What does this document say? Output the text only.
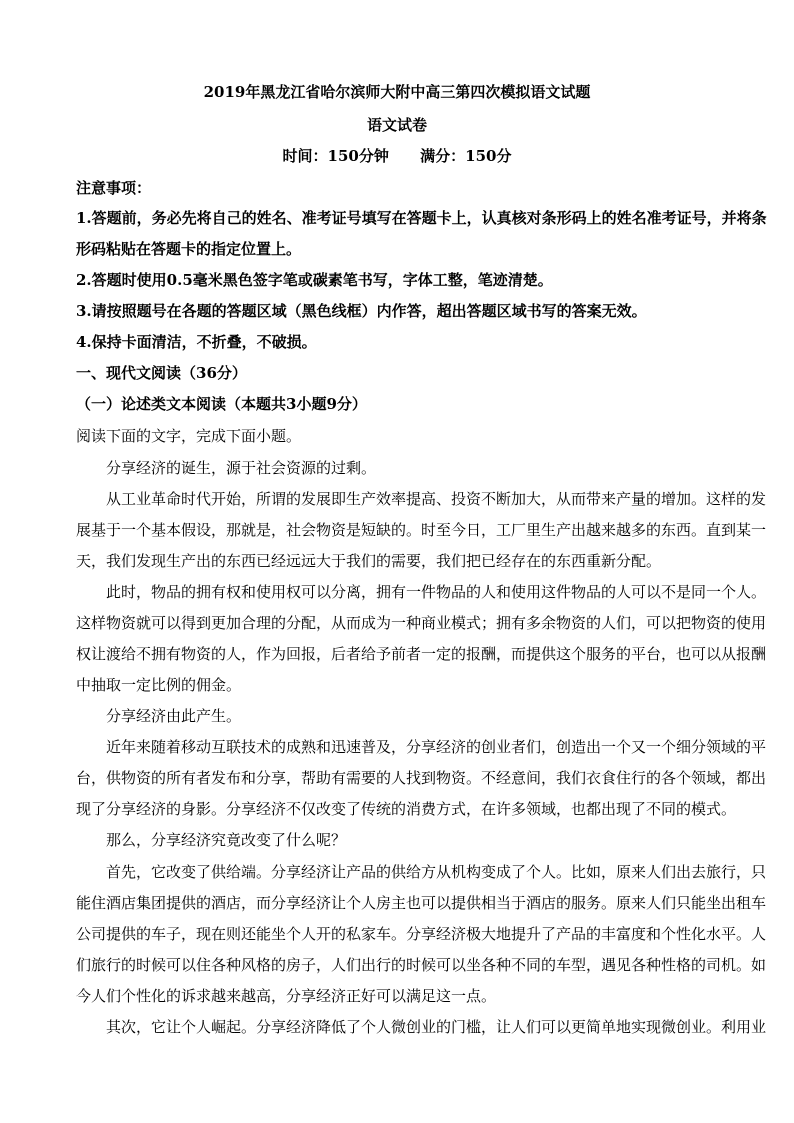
2019年黑龙江省哈尔滨师大附中高三第四次模拟语文试题
语文试卷
时间：150分钟      满分：150分
注意事项：
1.答题前，务必先将自己的姓名、准考证号填写在答题卡上，认真核对条形码上的姓名准考证号，并将条
形码粘贴在答题卡的指定位置上。
2.答题时使用0.5毫米黑色签字笔或碳素笔书写，字体工整，笔迹清楚。
3.请按照题号在各题的答题区域（黑色线框）内作答，超出答题区域书写的答案无效。
4.保持卡面清洁，不折叠，不破损。
一、现代文阅读（36分）
（一）论述类文本阅读（本题共3小题9分）
阅读下面的文字，完成下面小题。
分享经济的诞生，源于社会资源的过剩。
从工业革命时代开始，所谓的发展即生产效率提高、投资不断加大，从而带来产量的增加。这样的发
展基于一个基本假设，那就是，社会物资是短缺的。时至今日，工厂里生产出越来越多的东西。直到某一
天，我们发现生产出的东西已经远远大于我们的需要，我们把已经存在的东西重新分配。
此时，物品的拥有权和使用权可以分离，拥有一件物品的人和使用这件物品的人可以不是同一个人。
这样物资就可以得到更加合理的分配，从而成为一种商业模式；拥有多余物资的人们，可以把物资的使用
权让渡给不拥有物资的人，作为回报，后者给予前者一定的报酬，而提供这个服务的平台，也可以从报酬
中抽取一定比例的佣金。
分享经济由此产生。
近年来随着移动互联技术的成熟和迅速普及，分享经济的创业者们，创造出一个又一个细分领域的平
台，供物资的所有者发布和分享，帮助有需要的人找到物资。不经意间，我们衣食住行的各个领域，都出
现了分享经济的身影。分享经济不仅改变了传统的消费方式，在许多领域，也都出现了不同的模式。
那么，分享经济究竟改变了什么呢？
首先，它改变了供给端。分享经济让产品的供给方从机构变成了个人。比如，原来人们出去旅行，只
能住酒店集团提供的酒店，而分享经济让个人房主也可以提供相当于酒店的服务。原来人们只能坐出租车
公司提供的车子，现在则还能坐个人开的私家车。分享经济极大地提升了产品的丰富度和个性化水平。人
们旅行的时候可以住各种风格的房子，人们出行的时候可以坐各种不同的车型，遇见各种性格的司机。如
今人们个性化的诉求越来越高，分享经济正好可以满足这一点。
其次，它让个人崛起。分享经济降低了个人微创业的门槛，让人们可以更简单地实现微创业。利用业
